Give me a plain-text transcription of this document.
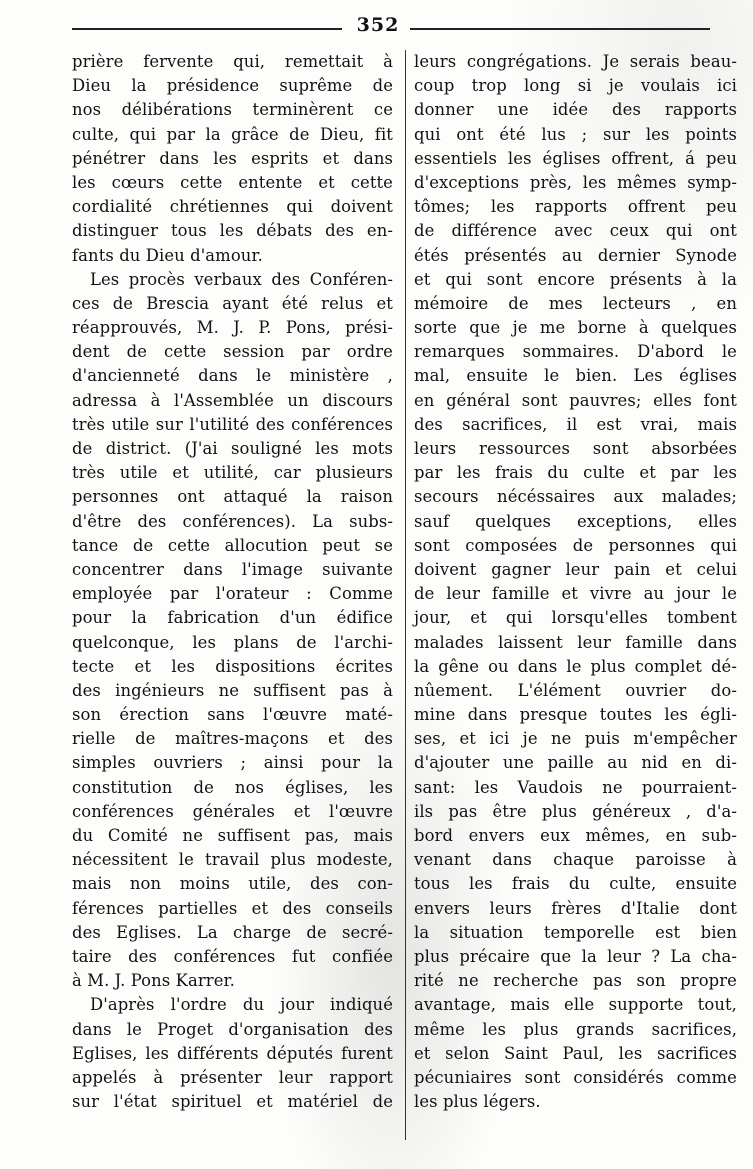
352
prière fervente qui, remettait à
Dieu la présidence suprême de
nos délibérations terminèrent ce
culte, qui par la grâce de Dieu, fit
pénétrer dans les esprits et dans
les cœurs cette entente et cette
cordialité chrétiennes qui doivent
distinguer tous les débats des en-
fants du Dieu d'amour.
Les procès verbaux des Conféren-
ces de Brescia ayant été relus et
réapprouvés, M. J. P. Pons, prési-
dent de cette session par ordre
d'ancienneté dans le ministère ,
adressa à l'Assemblée un discours
très utile sur l'utilité des conférences
de district. (J'ai souligné les mots
très utile et utilité, car plusieurs
personnes ont attaqué la raison
d'être des conférences). La subs-
tance de cette allocution peut se
concentrer dans l'image suivante
employée par l'orateur : Comme
pour la fabrication d'un édifice
quelconque, les plans de l'archi-
tecte et les dispositions écrites
des ingénieurs ne suffisent pas à
son érection sans l'œuvre maté-
rielle de maîtres-maçons et des
simples ouvriers ; ainsi pour la
constitution de nos églises, les
conférences générales et l'œuvre
du Comité ne suffisent pas, mais
nécessitent le travail plus modeste,
mais non moins utile, des con-
férences partielles et des conseils
des Eglises. La charge de secré-
taire des conférences fut confiée
à M. J. Pons Karrer.
D'après l'ordre du jour indiqué
dans le Proget d'organisation des
Eglises, les différents députés furent
appelés à présenter leur rapport
sur l'état spirituel et matériel de
leurs congrégations. Je serais beau-
coup trop long si je voulais ici
donner une idée des rapports
qui ont été lus ; sur les points
essentiels les églises offrent, á peu
d'exceptions près, les mêmes symp-
tômes; les rapports offrent peu
de différence avec ceux qui ont
étés présentés au dernier Synode
et qui sont encore présents à la
mémoire de mes lecteurs , en
sorte que je me borne à quelques
remarques sommaires. D'abord le
mal, ensuite le bien. Les églises
en général sont pauvres; elles font
des sacrifices, il est vrai, mais
leurs ressources sont absorbées
par les frais du culte et par les
secours nécéssaires aux malades;
sauf quelques exceptions, elles
sont composées de personnes qui
doivent gagner leur pain et celui
de leur famille et vivre au jour le
jour, et qui lorsqu'elles tombent
malades laissent leur famille dans
la gêne ou dans le plus complet dé-
nûement. L'élément ouvrier do-
mine dans presque toutes les égli-
ses, et ici je ne puis m'empêcher
d'ajouter une paille au nid en di-
sant: les Vaudois ne pourraient-
ils pas être plus généreux , d'a-
bord envers eux mêmes, en sub-
venant dans chaque paroisse à
tous les frais du culte, ensuite
envers leurs frères d'Italie dont
la situation temporelle est bien
plus précaire que la leur ? La cha-
rité ne recherche pas son propre
avantage, mais elle supporte tout,
même les plus grands sacrifices,
et selon Saint Paul, les sacrifices
pécuniaires sont considérés comme
les plus légers.
